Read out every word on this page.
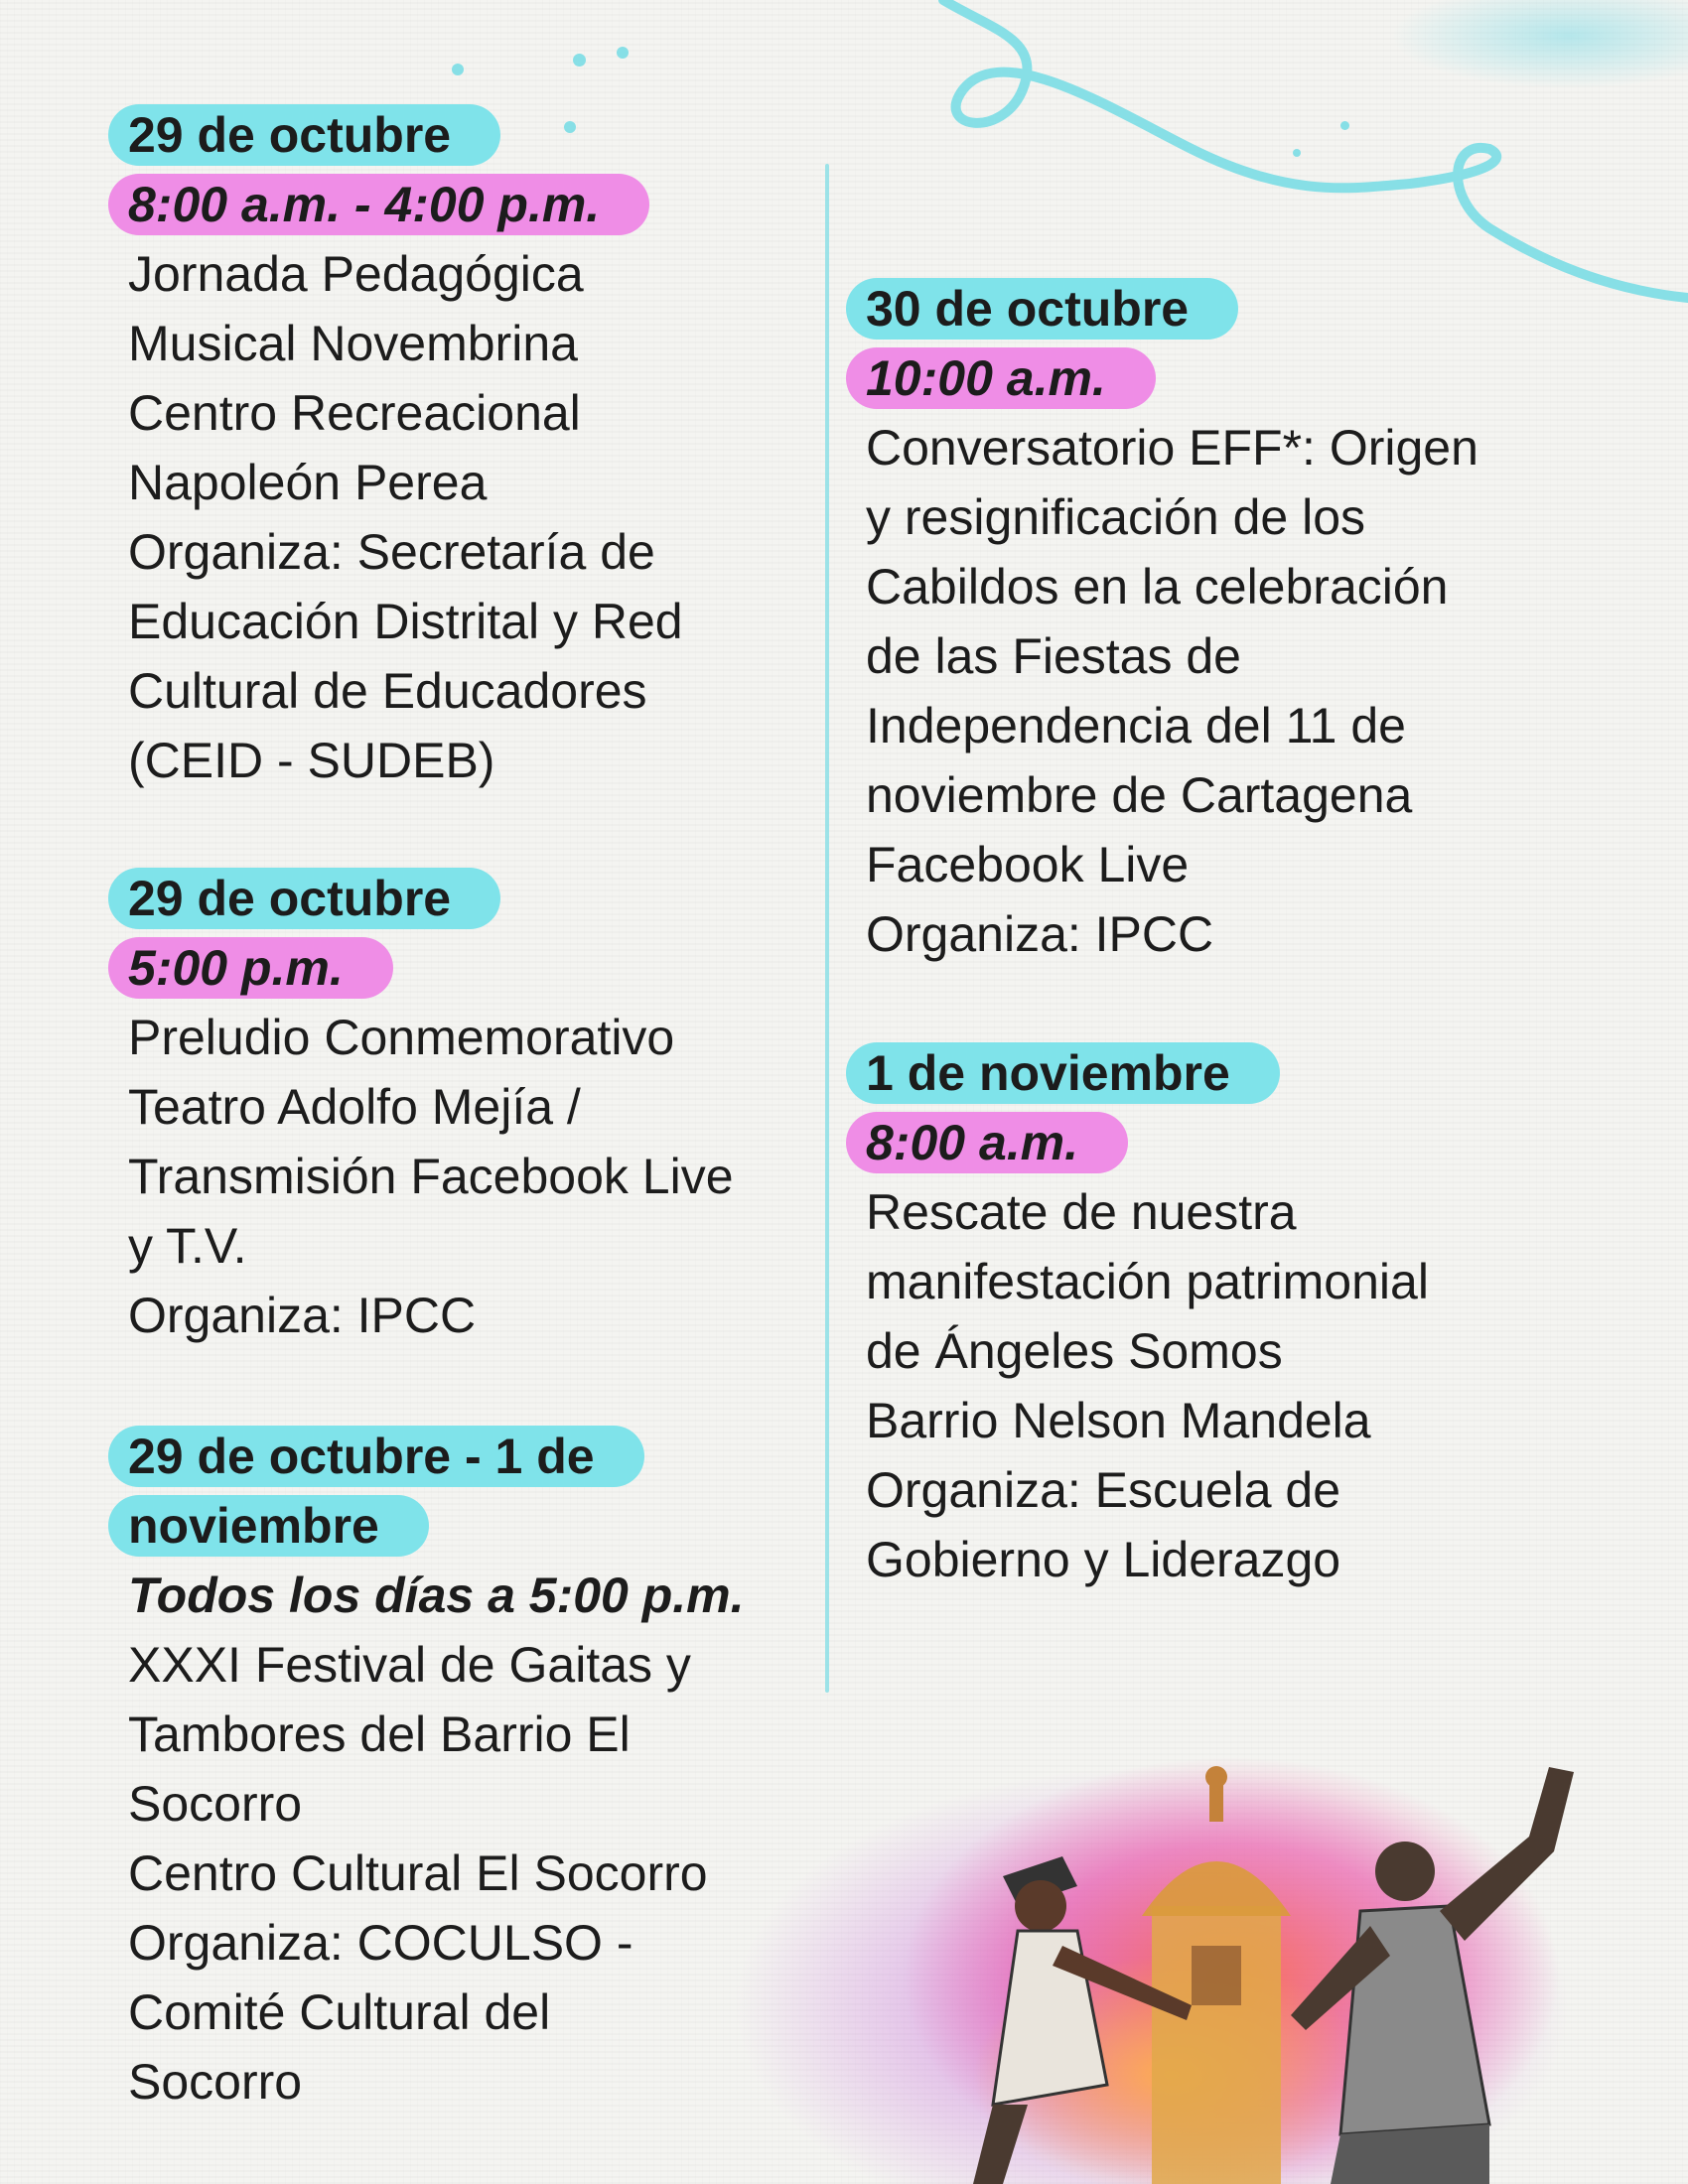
29 de octubre
8:00 a.m. - 4:00 p.m.
Jornada Pedagógica
Musical Novembrina
Centro Recreacional
Napoleón Perea
Organiza: Secretaría de
Educación Distrital y Red
Cultural de Educadores
(CEID - SUDEB)
29 de octubre
5:00 p.m.
Preludio Conmemorativo
Teatro Adolfo Mejía /
Transmisión Facebook Live
y T.V.
Organiza: IPCC
29 de octubre - 1 de
noviembre
Todos los días a 5:00 p.m.
XXXI Festival de Gaitas y
Tambores del Barrio El
Socorro
Centro Cultural El Socorro
Organiza: COCULSO -
Comité Cultural del
Socorro
30 de octubre
10:00 a.m.
Conversatorio EFF*: Origen
y resignificación de los
Cabildos en la celebración
de las Fiestas de
Independencia del 11 de
noviembre de Cartagena
Facebook Live
Organiza: IPCC
1 de noviembre
8:00 a.m.
Rescate de nuestra
manifestación patrimonial
de Ángeles Somos
Barrio Nelson Mandela
Organiza: Escuela de
Gobierno y Liderazgo
